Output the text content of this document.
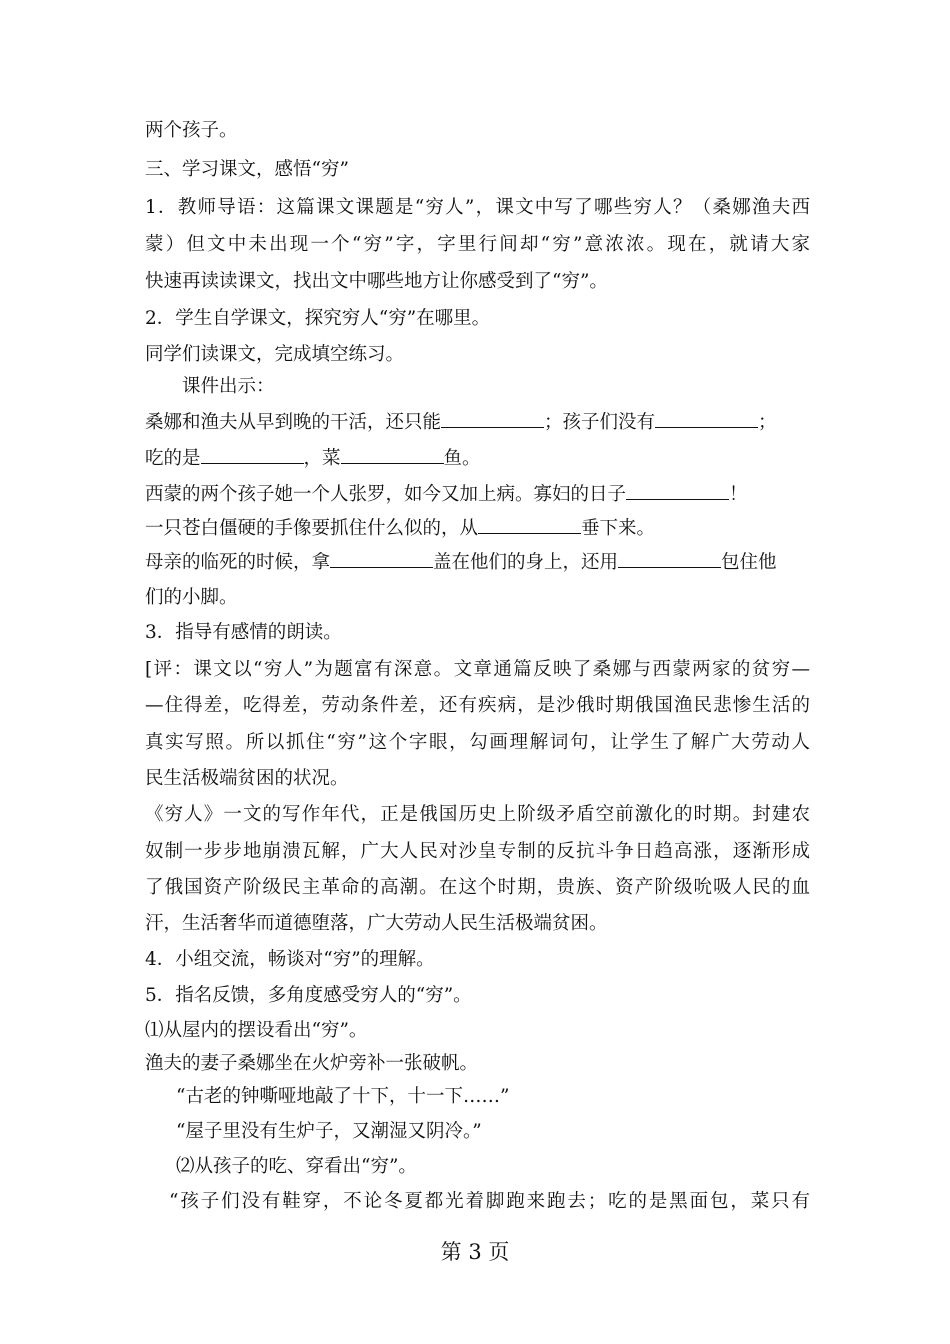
两个孩子。
三、学习课文，感悟“穷”
1．教师导语：这篇课文课题是“穷人”，课文中写了哪些穷人？（桑娜渔夫西
蒙）但文中未出现一个“穷”字，字里行间却“穷”意浓浓。现在，就请大家
快速再读读课文，找出文中哪些地方让你感受到了“穷”。
2．学生自学课文，探究穷人“穷”在哪里。
同学们读课文，完成填空练习。
课件出示：
桑娜和渔夫从早到晚的干活，还只能	；孩子们没有	；
吃的是	，菜	鱼。
西蒙的两个孩子她一个人张罗，如今又加上病。寡妇的日子	！
一只苍白僵硬的手像要抓住什么似的，从	垂下来。
母亲的临死的时候，拿	盖在他们的身上，还用	包住他
们的小脚。
3．指导有感情的朗读。
[评：课文以“穷人”为题富有深意。文章通篇反映了桑娜与西蒙两家的贫穷—
—住得差，吃得差，劳动条件差，还有疾病，是沙俄时期俄国渔民悲惨生活的
真实写照。所以抓住“穷”这个字眼，勾画理解词句，让学生了解广大劳动人
民生活极端贫困的状况。
《穷人》一文的写作年代，正是俄国历史上阶级矛盾空前激化的时期。封建农
奴制一步步地崩溃瓦解，广大人民对沙皇专制的反抗斗争日趋高涨，逐渐形成
了俄国资产阶级民主革命的高潮。在这个时期，贵族、资产阶级吮吸人民的血
汗，生活奢华而道德堕落，广大劳动人民生活极端贫困。
4．小组交流，畅谈对“穷”的理解。
5．指名反馈，多角度感受穷人的“穷”。
⑴从屋内的摆设看出“穷”。
渔夫的妻子桑娜坐在火炉旁补一张破帆。
“古老的钟嘶哑地敲了十下，十一下……”
“屋子里没有生炉子，又潮湿又阴冷。”
⑵从孩子的吃、穿看出“穷”。
“孩子们没有鞋穿，不论冬夏都光着脚跑来跑去；吃的是黑面包，菜只有
第 3 页
